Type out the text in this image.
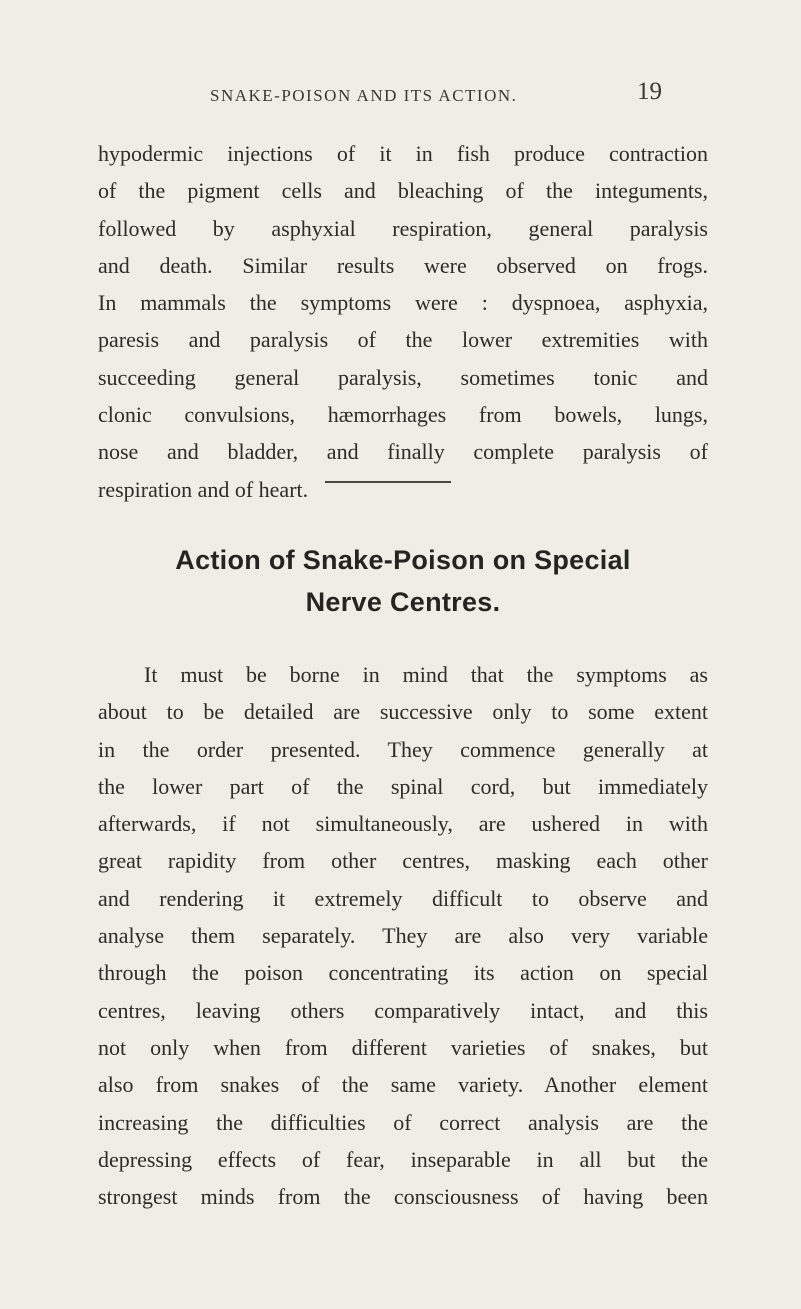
SNAKE-POISON AND ITS ACTION.	19
hypodermic injections of it in fish produce contraction
of the pigment cells and bleaching of the integuments,
followed by asphyxial respiration, general paralysis
and death. Similar results were observed on frogs.
In mammals the symptoms were : dyspnoea, asphyxia,
paresis and paralysis of the lower extremities with
succeeding general paralysis, sometimes tonic and
clonic convulsions, hæmorrhages from bowels, lungs,
nose and bladder, and finally complete paralysis of
respiration and of heart.
Action of Snake-Poison on Special
Nerve Centres.
It must be borne in mind that the symptoms as
about to be detailed are successive only to some extent
in the order presented. They commence generally at
the lower part of the spinal cord, but immediately
afterwards, if not simultaneously, are ushered in with
great rapidity from other centres, masking each other
and rendering it extremely difficult to observe and
analyse them separately. They are also very variable
through the poison concentrating its action on special
centres, leaving others comparatively intact, and this
not only when from different varieties of snakes, but
also from snakes of the same variety. Another element
increasing the difficulties of correct analysis are the
depressing effects of fear, inseparable in all but the
strongest minds from the consciousness of having been
